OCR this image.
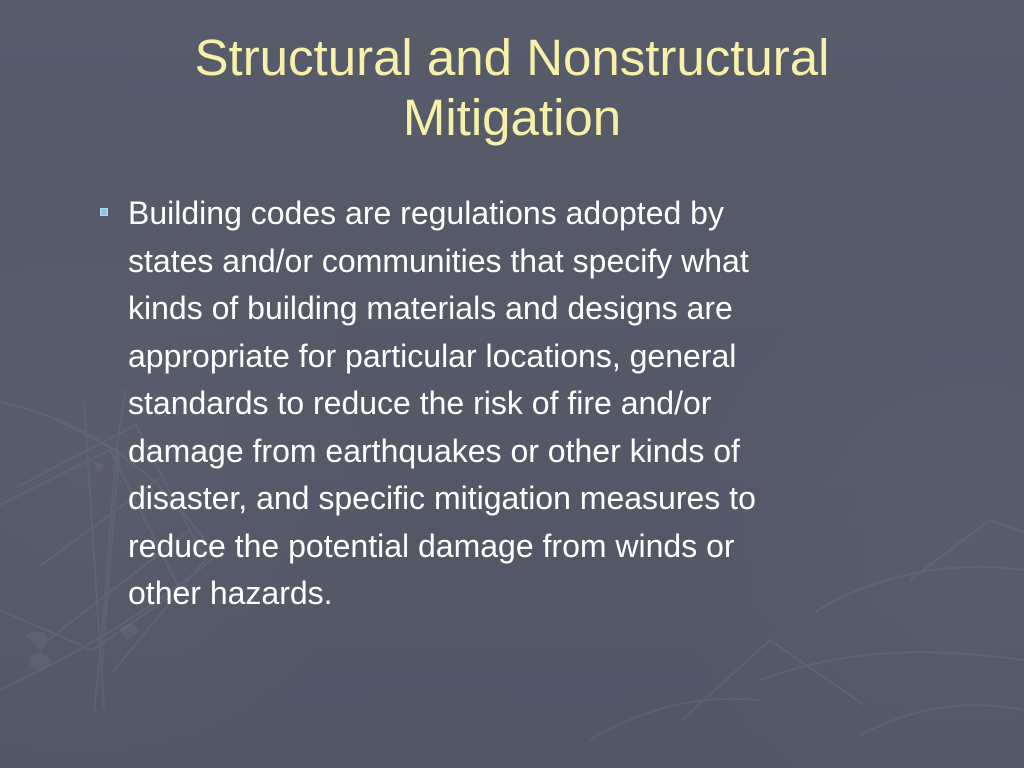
Structural and Nonstructural
Mitigation

Building codes are regulations adopted by
states and/or communities that specify what
kinds of building materials and designs are
appropriate for particular locations, general
standards to reduce the risk of fire and/or
damage from earthquakes or other kinds of
disaster, and specific mitigation measures to
reduce the potential damage from winds or
other hazards.
